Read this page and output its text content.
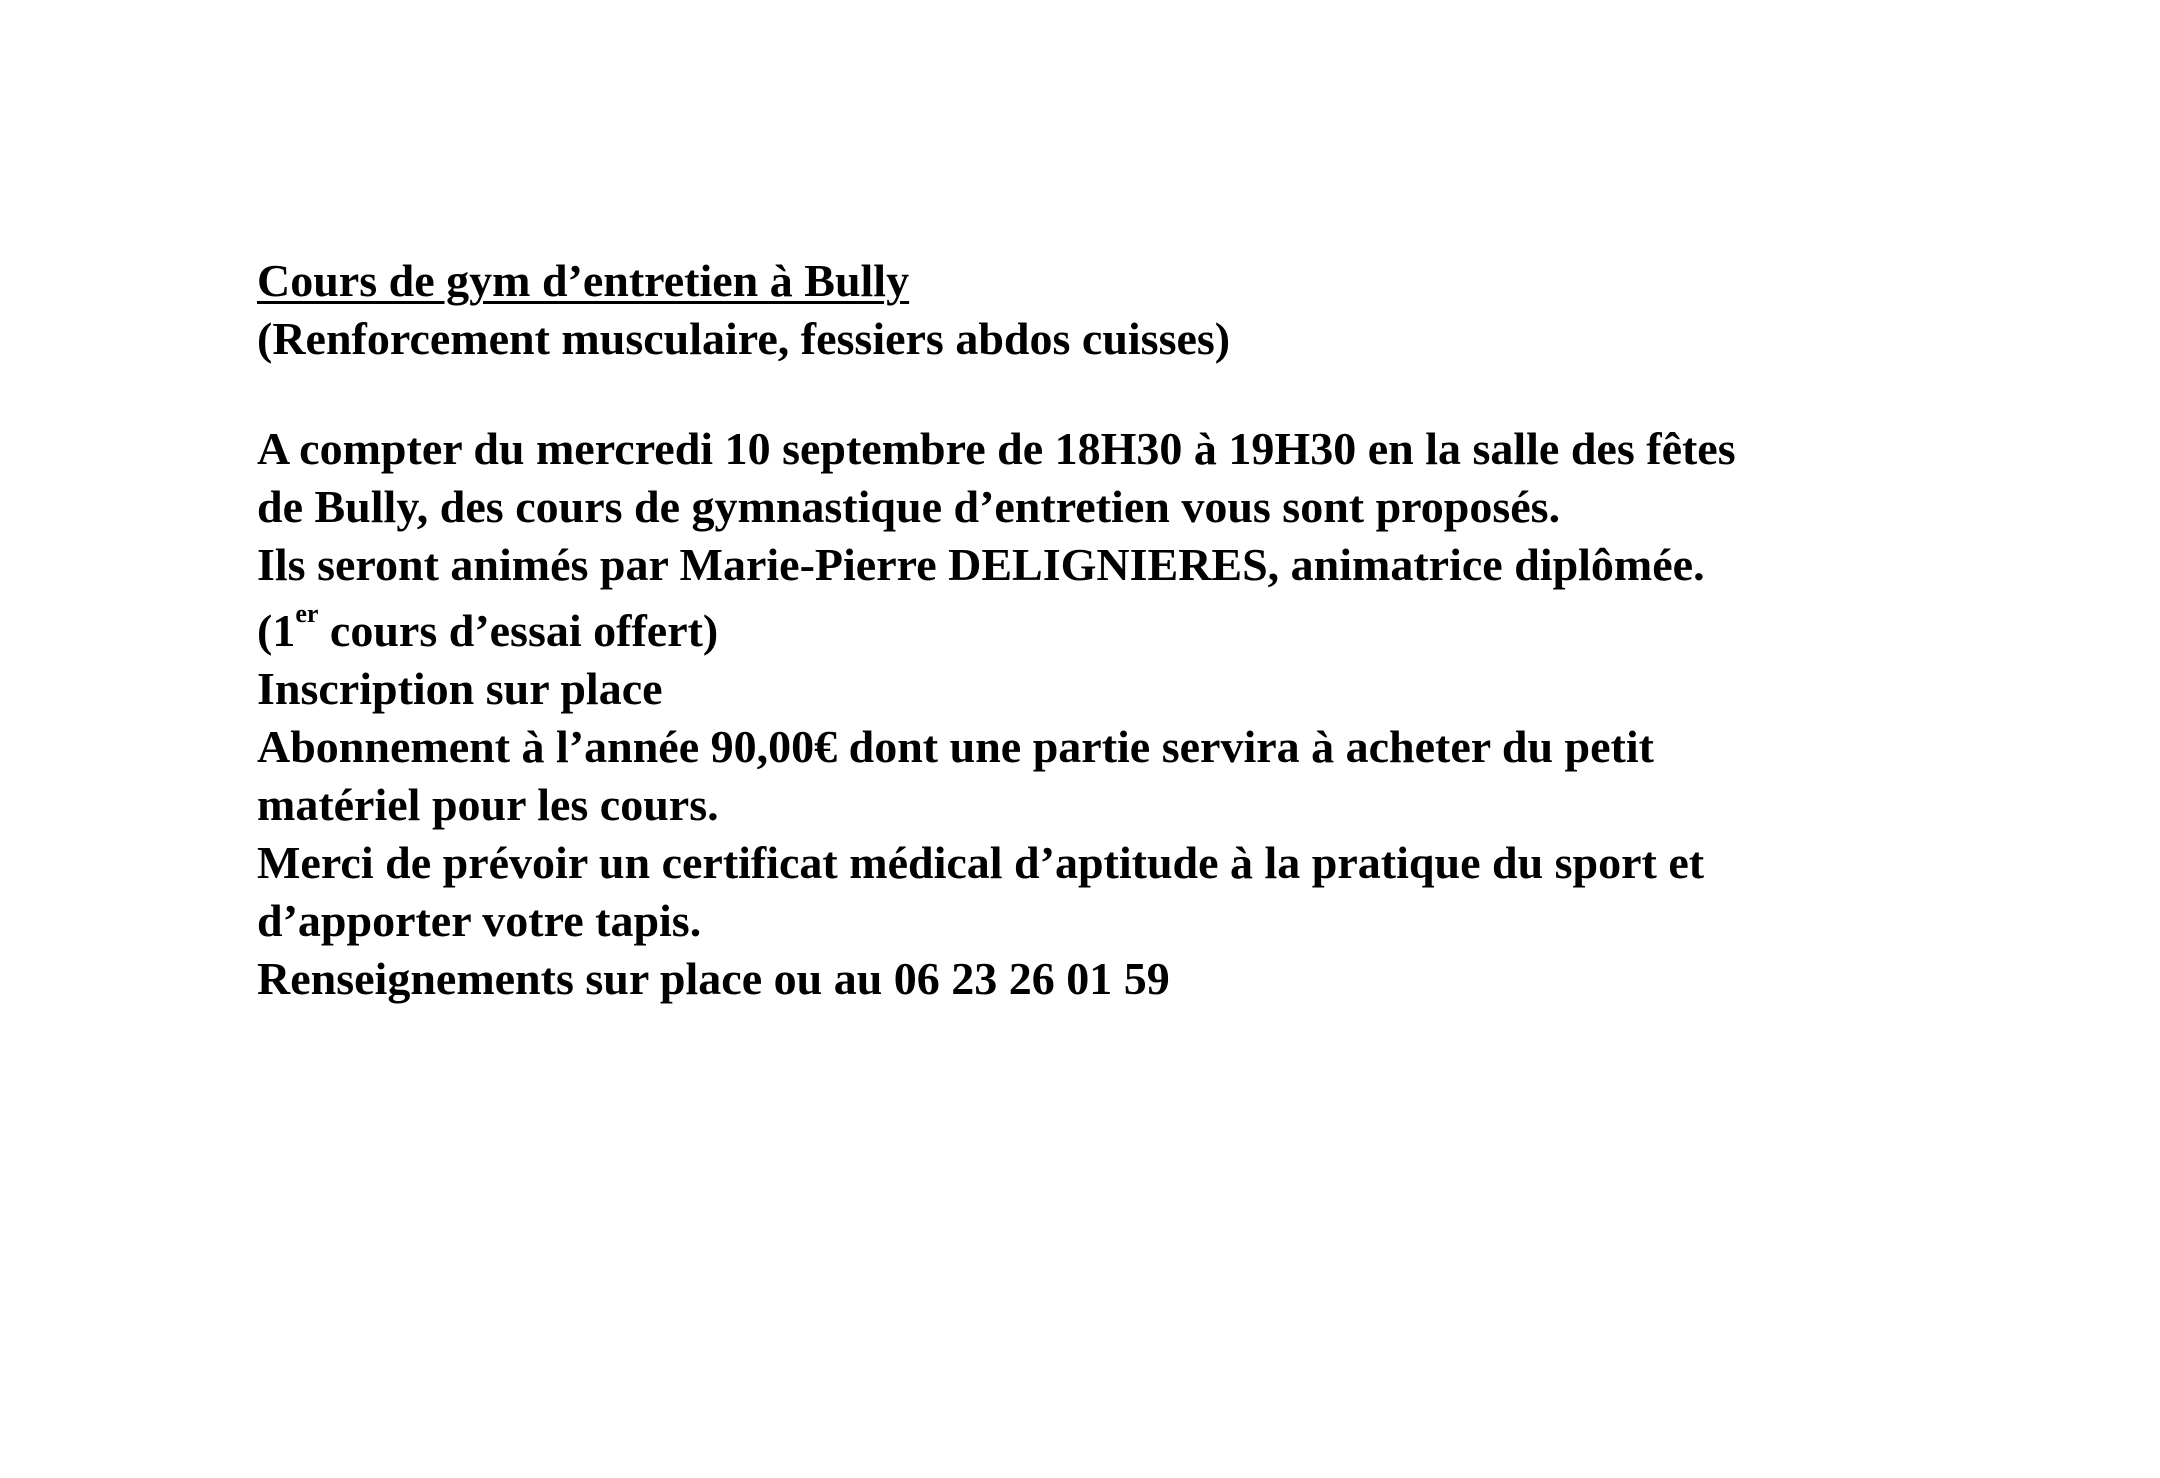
Cours de gym d’entretien à Bully
(Renforcement musculaire, fessiers abdos cuisses)
A compter du mercredi 10 septembre de 18H30 à 19H30 en la salle des fêtes
de Bully, des cours de gymnastique d’entretien vous sont proposés.
Ils seront animés par Marie-Pierre DELIGNIERES, animatrice diplômée.
(1er cours d’essai offert)
Inscription sur place
Abonnement à l’année 90,00€ dont une partie servira à acheter du petit
matériel pour les cours.
Merci de prévoir un certificat médical d’aptitude à la pratique du sport et
d’apporter votre tapis.
Renseignements sur place ou au 06 23 26 01 59
